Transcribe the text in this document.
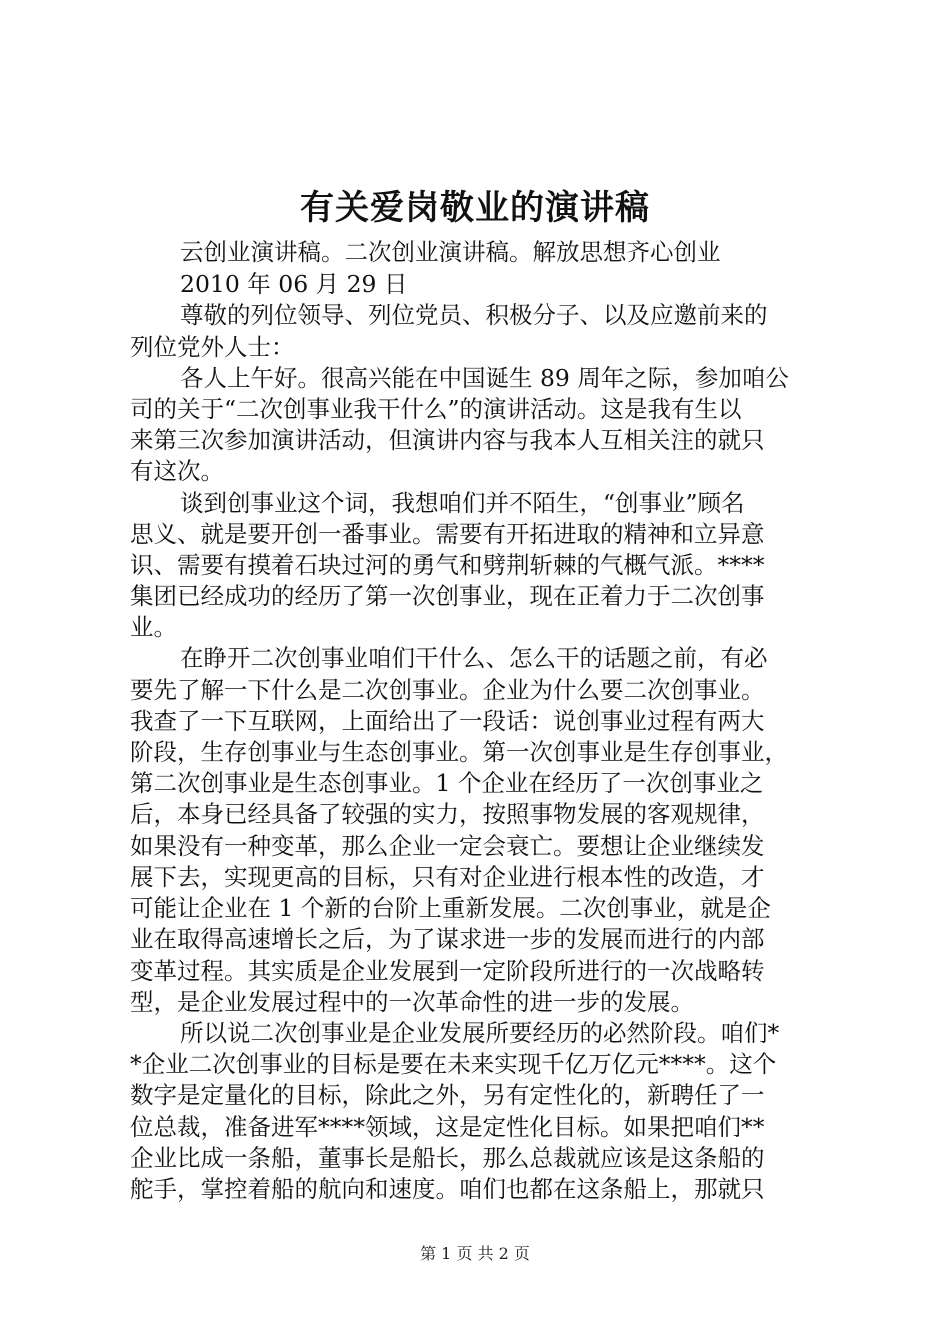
有关爱岗敬业的演讲稿
云创业演讲稿。二次创业演讲稿。解放思想齐心创业
2010 年 06 月 29 日
尊敬的列位领导、列位党员、积极分子、以及应邀前来的
列位党外人士：
各人上午好。很高兴能在中国诞生 89 周年之际，参加咱公
司的关于“二次创事业我干什么”的演讲活动。这是我有生以
来第三次参加演讲活动，但演讲内容与我本人互相关注的就只
有这次。
谈到创事业这个词，我想咱们并不陌生，“创事业”顾名
思义、就是要开创一番事业。需要有开拓进取的精神和立异意
识、需要有摸着石块过河的勇气和劈荆斩棘的气概气派。****
集团已经成功的经历了第一次创事业，现在正着力于二次创事
业。
在睁开二次创事业咱们干什么、怎么干的话题之前，有必
要先了解一下什么是二次创事业。企业为什么要二次创事业。
我查了一下互联网，上面给出了一段话：说创事业过程有两大
阶段，生存创事业与生态创事业。第一次创事业是生存创事业，
第二次创事业是生态创事业。1 个企业在经历了一次创事业之
后，本身已经具备了较强的实力，按照事物发展的客观规律，
如果没有一种变革，那么企业一定会衰亡。要想让企业继续发
展下去，实现更高的目标，只有对企业进行根本性的改造，才
可能让企业在 1 个新的台阶上重新发展。二次创事业，就是企
业在取得高速增长之后，为了谋求进一步的发展而进行的内部
变革过程。其实质是企业发展到一定阶段所进行的一次战略转
型，是企业发展过程中的一次革命性的进一步的发展。
所以说二次创事业是企业发展所要经历的必然阶段。咱们*
*企业二次创事业的目标是要在未来实现千亿万亿元****。这个
数字是定量化的目标，除此之外，另有定性化的，新聘任了一
位总裁，准备进军****领域，这是定性化目标。如果把咱们**
企业比成一条船，董事长是船长，那么总裁就应该是这条船的
舵手，掌控着船的航向和速度。咱们也都在这条船上，那就只
第 1 页 共 2 页
